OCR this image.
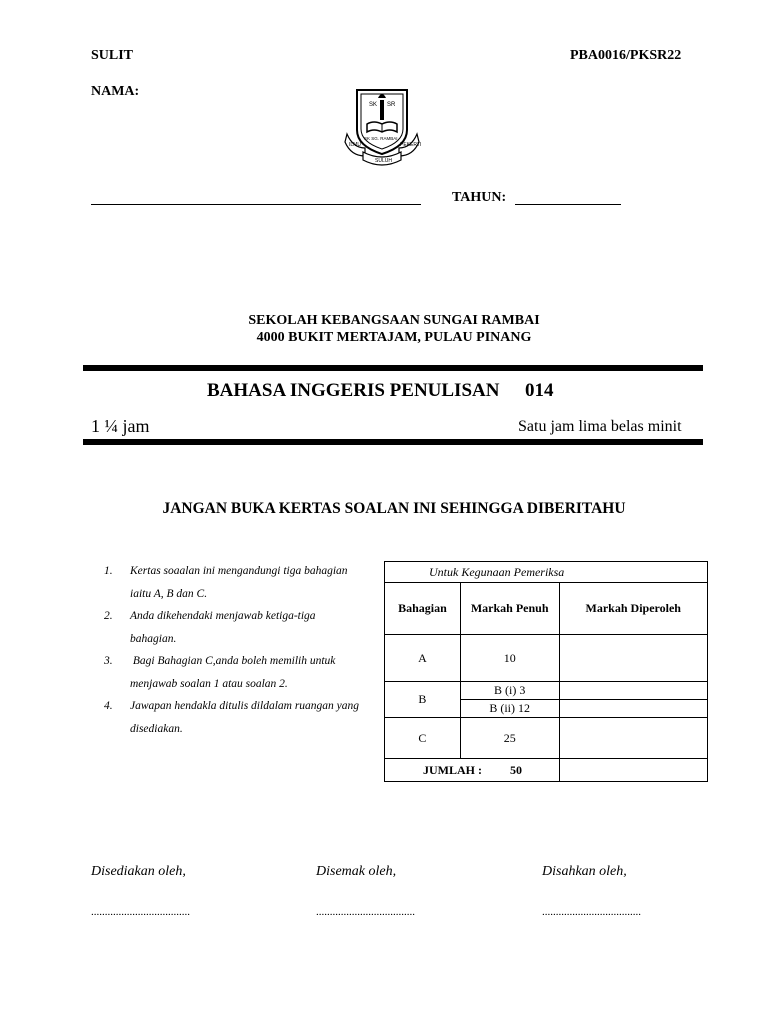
SULIT	PBA0016/PKSR22
NAMA:
SK SR
ILMU	PEKERTI
SULUH
SK SG. RAMBAI
TAHUN:
SEKOLAH KEBANGSAAN SUNGAI RAMBAI
4000 BUKIT MERTAJAM, PULAU PINANG
BAHASA INGGERIS PENULISAN 014
1 ¼ jam	Satu jam lima belas minit
JANGAN BUKA KERTAS SOALAN INI SEHINGGA DIBERITAHU
1.	Kertas soaalan ini mengandungi tiga bahagian
iaitu A, B dan C.
2.	Anda dikehendaki menjawab ketiga-tiga
bahagian.
3.	Bagi Bahagian C,anda boleh memilih untuk
menjawab soalan 1 atau soalan 2.
4.	Jawapan hendakla ditulis dildalam ruangan yang
disediakan.
Untuk Kegunaan Pemeriksa		
Bahagian	Markah Penuh	Markah Diperoleh
A	10	
B	B (i) 3	
	B (ii) 12	
C	25	
JUMLAH : 50		
Disediakan oleh,	Disemak oleh,	Disahkan oleh,
....................................	....................................	....................................
